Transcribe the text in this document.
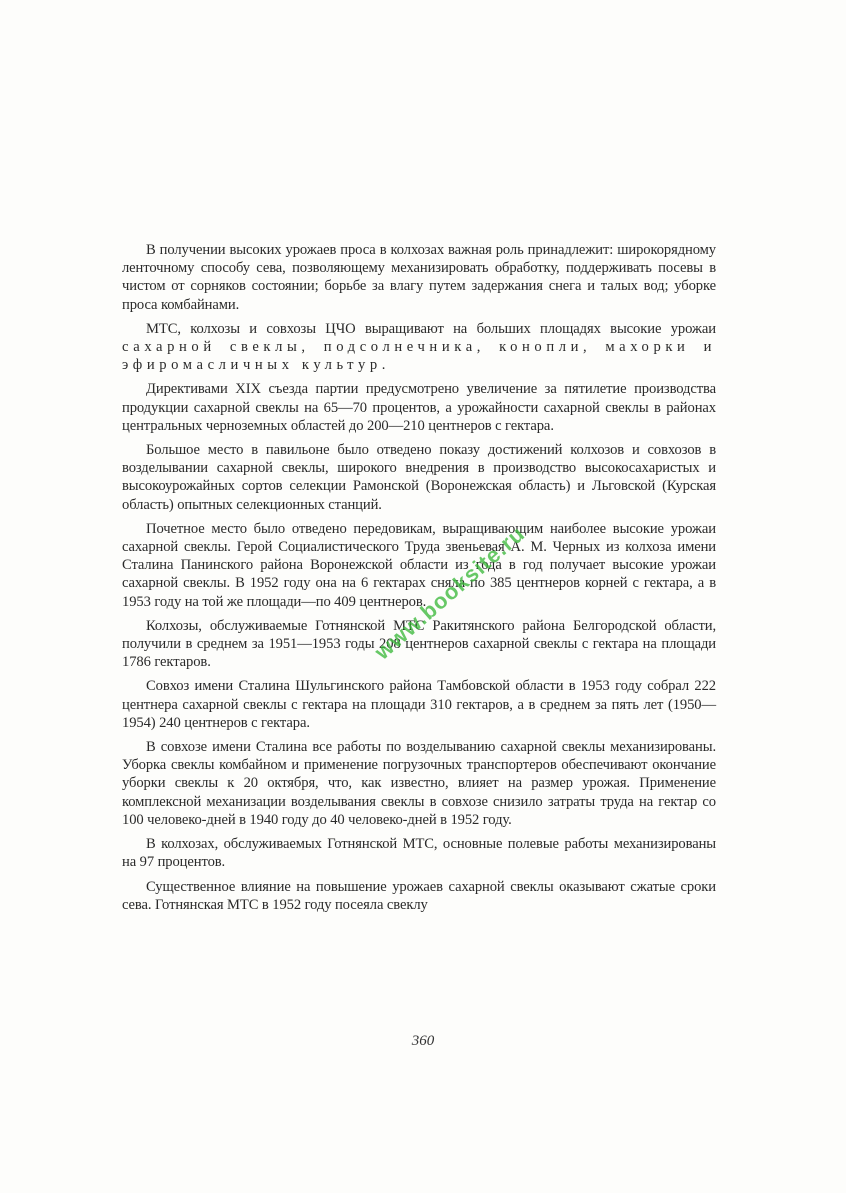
В получении высоких урожаев проса в колхозах важная роль принадлежит: широкорядному ленточному способу сева, позволяющему механизировать обработку, поддерживать посевы в чистом от сорняков состоянии; борьбе за влагу путем задержания снега и талых вод; уборке проса комбайнами.

МТС, колхозы и совхозы ЦЧО выращивают на больших площадях высокие урожаи сахарной свеклы, подсолнечника, конопли, махорки и эфиромасличных культур.

Директивами XIX съезда партии предусмотрено увеличение за пятилетие производства продукции сахарной свеклы на 65—70 процентов, а урожайности сахарной свеклы в районах центральных черноземных областей до 200—210 центнеров с гектара.

Большое место в павильоне было отведено показу достижений колхозов и совхозов в возделывании сахарной свеклы, широкого внедрения в производство высокосахаристых и высокоурожайных сортов селекции Рамонской (Воронежская область) и Льговской (Курская область) опытных селекционных станций.

Почетное место было отведено передовикам, выращивающим наиболее высокие урожаи сахарной свеклы. Герой Социалистического Труда звеньевая А. М. Черных из колхоза имени Сталина Панинского района Воронежской области из года в год получает высокие урожаи сахарной свеклы. В 1952 году она на 6 гектарах сняла по 385 центнеров корней с гектара, а в 1953 году на той же площади—по 409 центнеров.

Колхозы, обслуживаемые Готнянской МТС Ракитянского района Белгородской области, получили в среднем за 1951—1953 годы 208 центнеров сахарной свеклы с гектара на площади 1786 гектаров.

Совхоз имени Сталина Шульгинского района Тамбовской области в 1953 году собрал 222 центнера сахарной свеклы с гектара на площади 310 гектаров, а в среднем за пять лет (1950—1954) 240 центнеров с гектара.

В совхозе имени Сталина все работы по возделыванию сахарной свеклы механизированы. Уборка свеклы комбайном и применение погрузочных транспортеров обеспечивают окончание уборки свеклы к 20 октября, что, как известно, влияет на размер урожая. Применение комплексной механизации возделывания свеклы в совхозе снизило затраты труда на гектар со 100 человеко-дней в 1940 году до 40 человеко-дней в 1952 году.

В колхозах, обслуживаемых Готнянской МТС, основные полевые работы механизированы на 97 процентов.

Существенное влияние на повышение урожаев сахарной свеклы оказывают сжатые сроки сева. Готнянская МТС в 1952 году посеяла свеклу

360
www.booksite.ru
